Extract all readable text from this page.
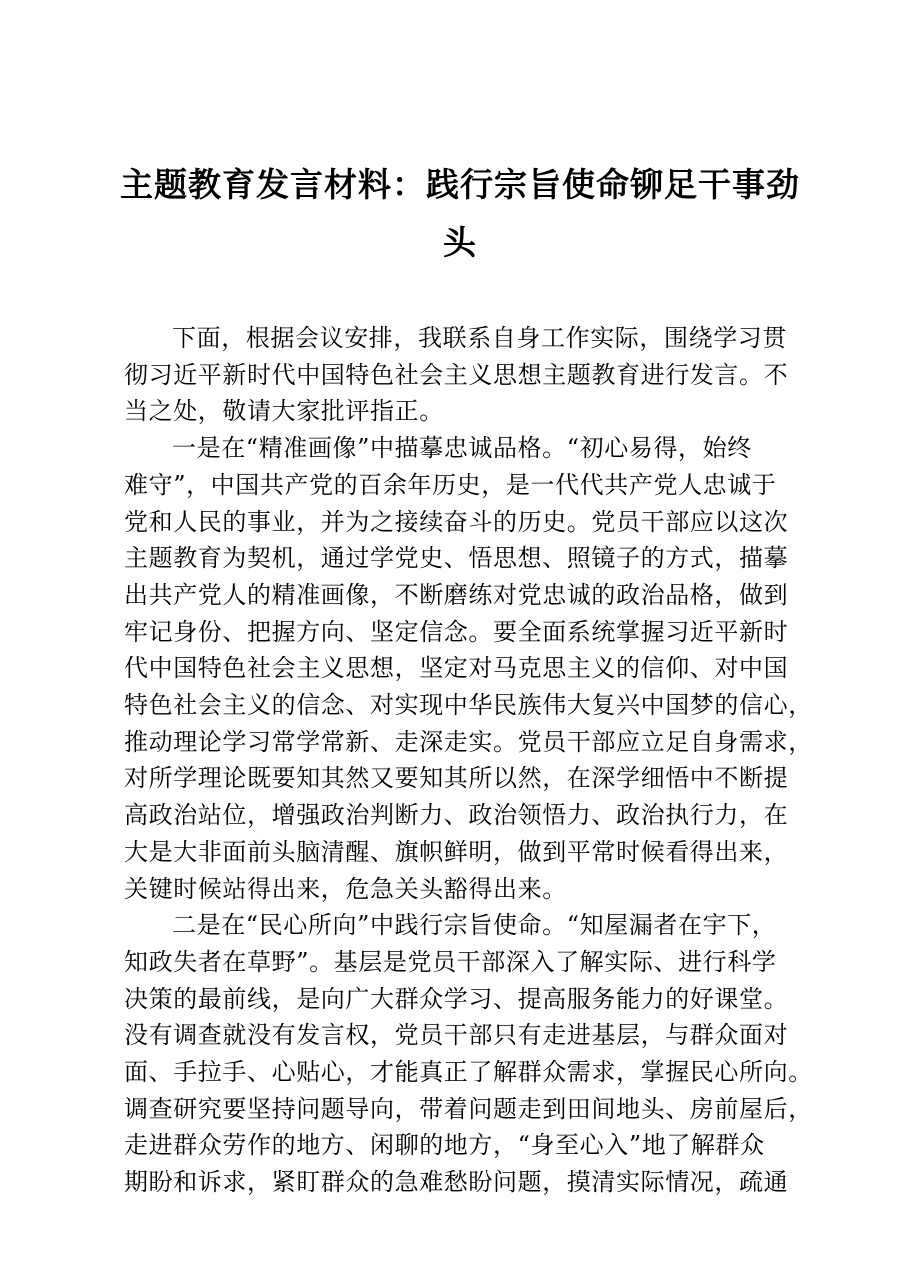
主题教育发言材料：践行宗旨使命铆足干事劲
头

下面，根据会议安排，我联系自身工作实际，围绕学习贯
彻习近平新时代中国特色社会主义思想主题教育进行发言。不
当之处，敬请大家批评指正。

一是在“精准画像”中描摹忠诚品格。“初心易得，始终
难守”，中国共产党的百余年历史，是一代代共产党人忠诚于
党和人民的事业，并为之接续奋斗的历史。党员干部应以这次
主题教育为契机，通过学党史、悟思想、照镜子的方式，描摹
出共产党人的精准画像，不断磨练对党忠诚的政治品格，做到
牢记身份、把握方向、坚定信念。要全面系统掌握习近平新时
代中国特色社会主义思想，坚定对马克思主义的信仰、对中国
特色社会主义的信念、对实现中华民族伟大复兴中国梦的信心，
推动理论学习常学常新、走深走实。党员干部应立足自身需求，
对所学理论既要知其然又要知其所以然，在深学细悟中不断提
高政治站位，增强政治判断力、政治领悟力、政治执行力，在
大是大非面前头脑清醒、旗帜鲜明，做到平常时候看得出来，
关键时候站得出来，危急关头豁得出来。

二是在“民心所向”中践行宗旨使命。“知屋漏者在宇下，
知政失者在草野”。基层是党员干部深入了解实际、进行科学
决策的最前线，是向广大群众学习、提高服务能力的好课堂。
没有调查就没有发言权，党员干部只有走进基层，与群众面对
面、手拉手、心贴心，才能真正了解群众需求，掌握民心所向。
调查研究要坚持问题导向，带着问题走到田间地头、房前屋后，
走进群众劳作的地方、闲聊的地方，“身至心入”地了解群众
期盼和诉求，紧盯群众的急难愁盼问题，摸清实际情况，疏通
